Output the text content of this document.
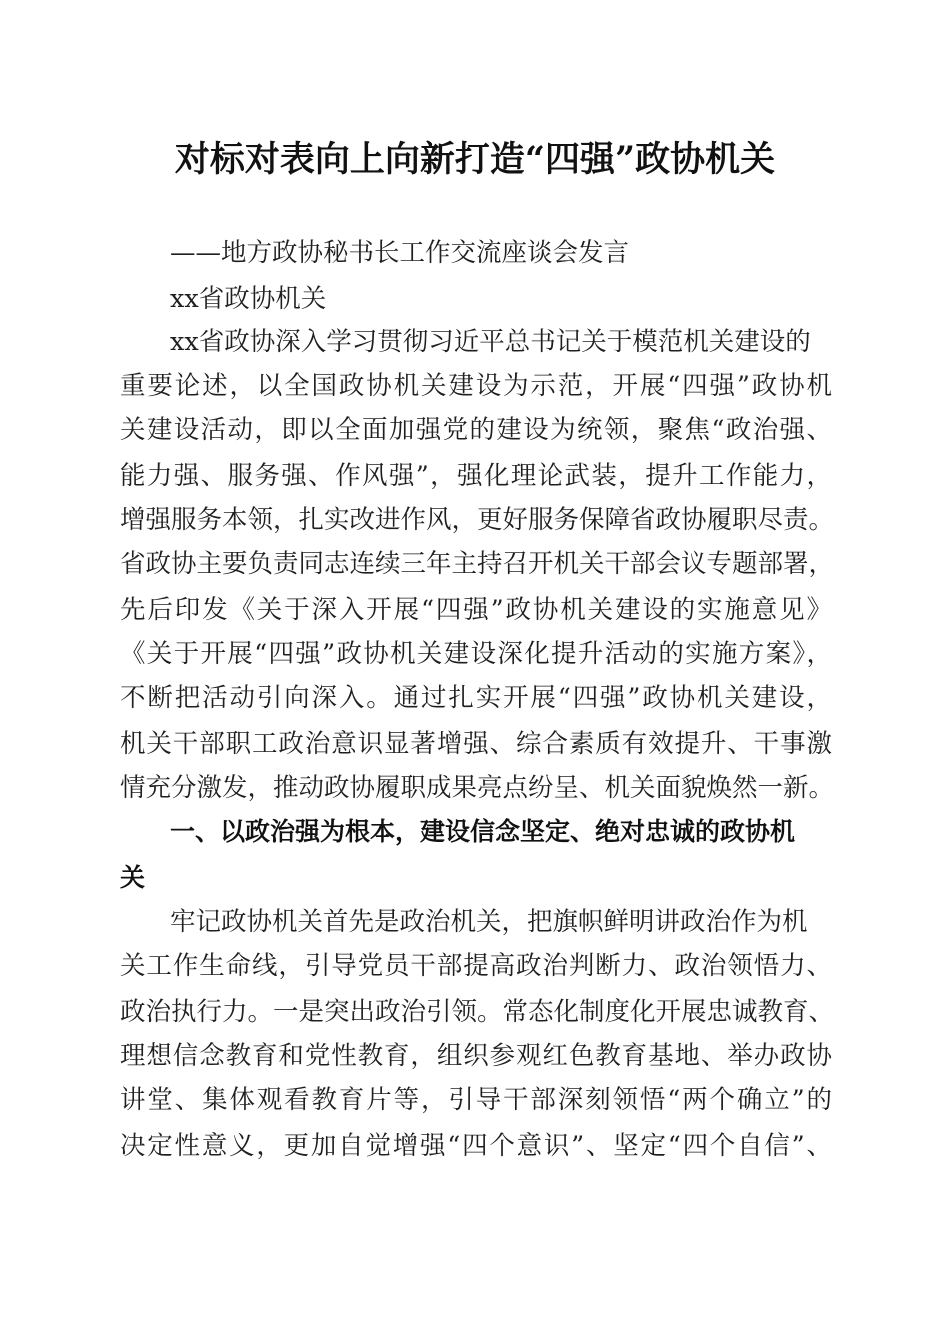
对标对表向上向新打造“四强”政协机关
——地方政协秘书长工作交流座谈会发言
xx省政协机关
xx省政协深入学习贯彻习近平总书记关于模范机关建设的
重要论述，以全国政协机关建设为示范，开展“四强”政协机
关建设活动，即以全面加强党的建设为统领，聚焦“政治强、
能力强、服务强、作风强”，强化理论武装，提升工作能力，
增强服务本领，扎实改进作风，更好服务保障省政协履职尽责。
省政协主要负责同志连续三年主持召开机关干部会议专题部署，
先后印发《关于深入开展“四强”政协机关建设的实施意见》
《关于开展“四强”政协机关建设深化提升活动的实施方案》，
不断把活动引向深入。通过扎实开展“四强”政协机关建设，
机关干部职工政治意识显著增强、综合素质有效提升、干事激
情充分激发，推动政协履职成果亮点纷呈、机关面貌焕然一新。
一、以政治强为根本，建设信念坚定、绝对忠诚的政协机
关
牢记政协机关首先是政治机关，把旗帜鲜明讲政治作为机
关工作生命线，引导党员干部提高政治判断力、政治领悟力、
政治执行力。一是突出政治引领。常态化制度化开展忠诚教育、
理想信念教育和党性教育，组织参观红色教育基地、举办政协
讲堂、集体观看教育片等，引导干部深刻领悟“两个确立”的
决定性意义，更加自觉增强“四个意识”、坚定“四个自信”、
